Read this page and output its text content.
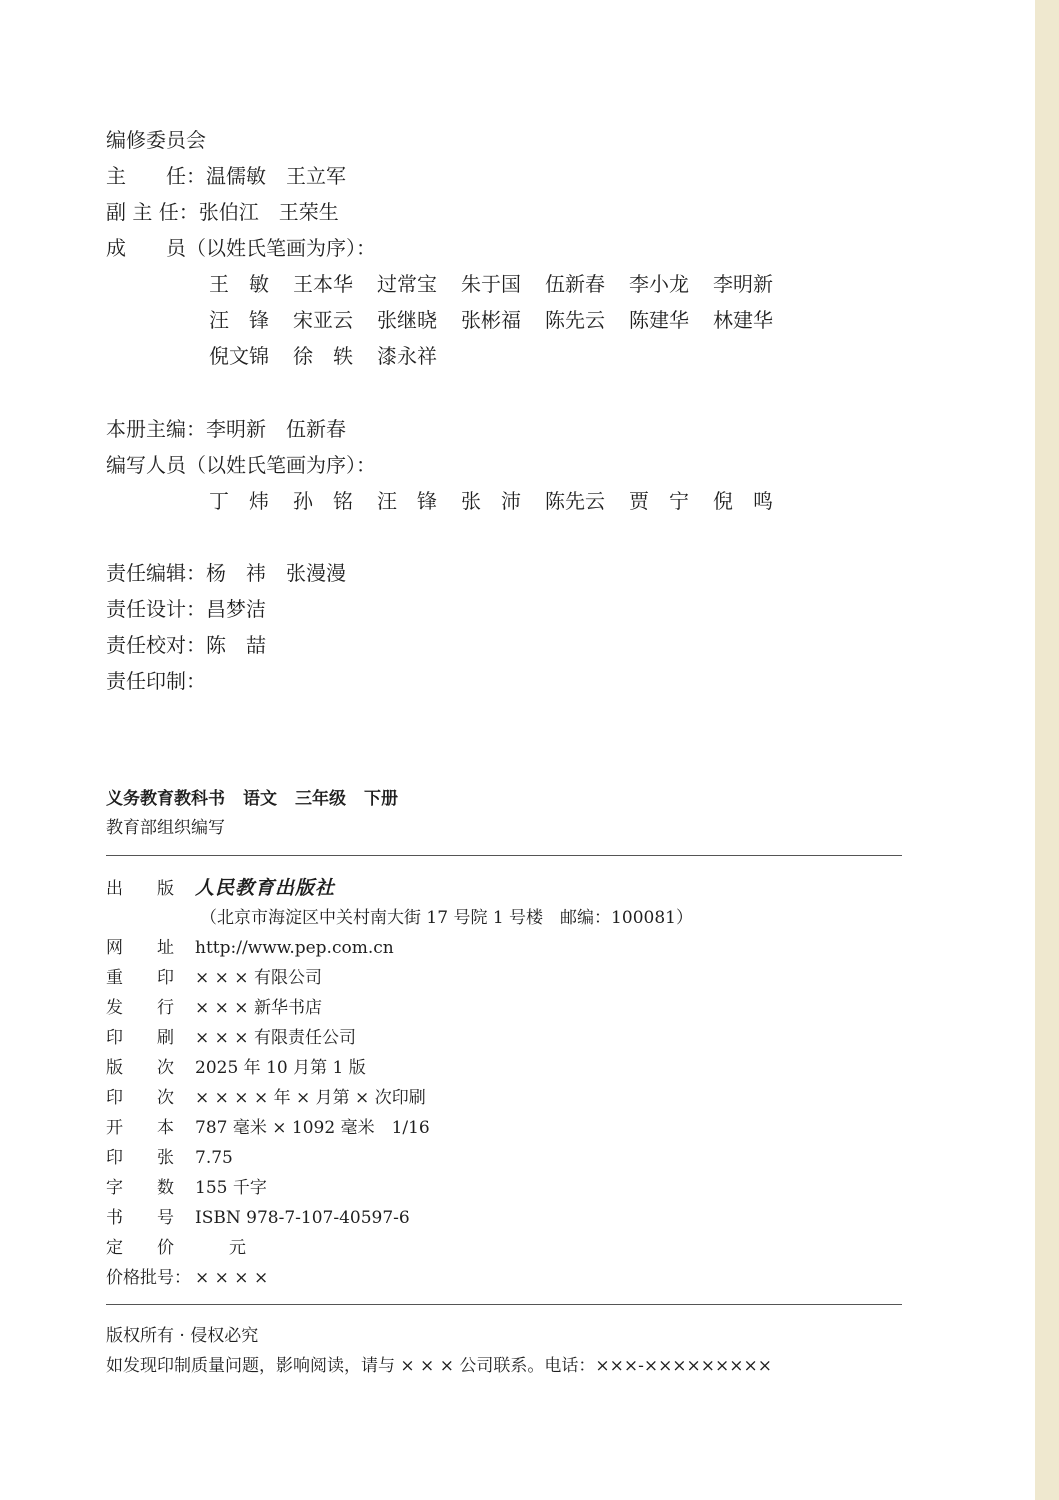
编修委员会
主　　任：温儒敏　王立军
副 主 任：张伯江　王荣生
成　　员（以姓氏笔画为序）：
王　敏 王本华 过常宝 朱于国 伍新春 李小龙 李明新
汪　锋 宋亚云 张继晓 张彬福 陈先云 陈建华 林建华
倪文锦 徐　轶 漆永祥
本册主编：李明新　伍新春
编写人员（以姓氏笔画为序）：
丁　炜 孙　铭 汪　锋 张　沛 陈先云 贾　宁 倪　鸣
责任编辑：杨　祎　张漫漫
责任设计：昌梦洁
责任校对：陈　喆
责任印制：
义务教育教科书 语文 三年级 下册
教育部组织编写
出　　版 人民教育出版社
（北京市海淀区中关村南大街 17 号院 1 号楼　邮编：100081）
网　　址 http://www.pep.com.cn
重　　印 × × × 有限公司
发　　行 × × × 新华书店
印　　刷 × × × 有限责任公司
版　　次 2025 年 10 月第 1 版
印　　次 × × × × 年 × 月第 × 次印刷
开　　本 787 毫米 × 1092 毫米　1/16
印　　张 7.75
字　　数 155 千字
书　　号 ISBN 978-7-107-40597-6
定　　价　　元
价格批号： × × × ×
版权所有 · 侵权必究
如发现印制质量问题，影响阅读，请与 × × × 公司联系。电话：×××-×××××××××
